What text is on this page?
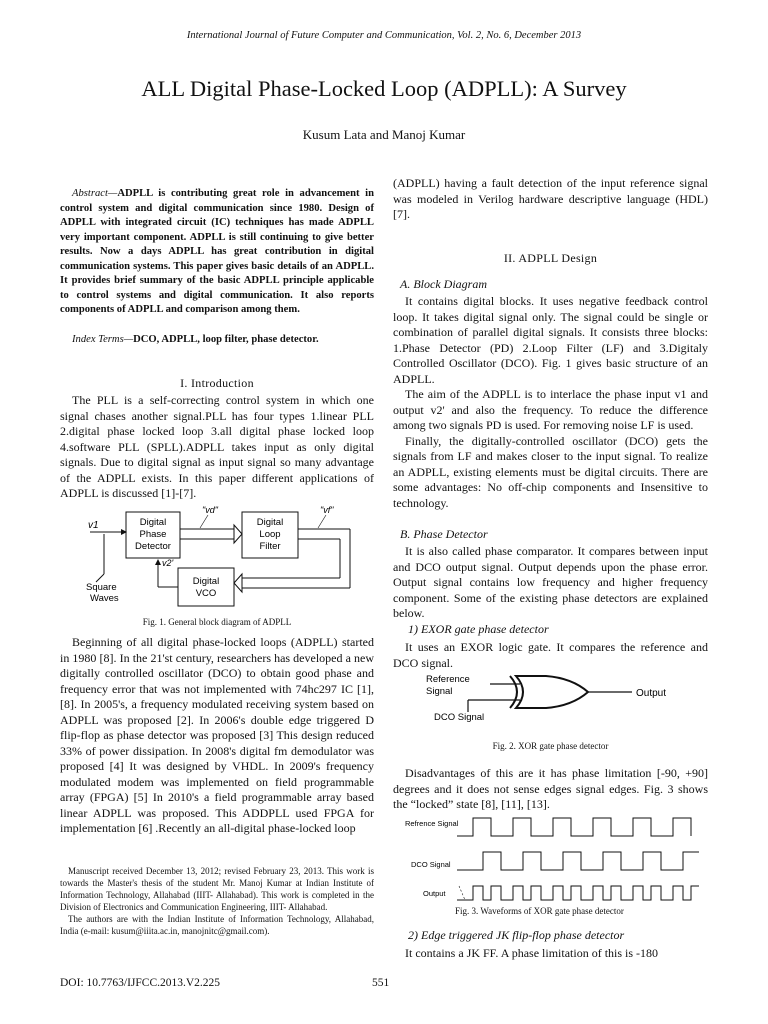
International Journal of Future Computer and Communication, Vol. 2, No. 6, December 2013
ALL Digital Phase-Locked Loop (ADPLL): A Survey
Kusum Lata and Manoj Kumar
Abstract—ADPLL is contributing great role in advancement in control system and digital communication since 1980. Design of ADPLL with integrated circuit (IC) techniques has made ADPLL very important component. ADPLL is still continuing to give better results. Now a days ADPLL has great contribution in digital communication systems. This paper gives basic details of an ADPLL. It provides brief summary of the basic ADPLL principle applicable to control systems and digital communication. It also reports components of ADPLL and comparison among them.
Index Terms—DCO, ADPLL, loop filter, phase detector.
I. Introduction

The PLL is a self-correcting control system in which one signal chases another signal.PLL has four types 1.linear PLL 2.digital phase locked loop 3.all digital phase locked loop 4.software PLL (SPLL).ADPLL takes input as only digital signals. Due to digital signal as input signal so many advantage of the ADPLL exists. In this paper different applications of ADPLL is discussed [1]-[7].

v1	Digital
Phase
Detector
"vd"
Digital
Loop
Filter
"vf"
Digital
VCO
v2'
Square
Waves
Fig. 1. General block diagram of ADPLL

Beginning of all digital phase-locked loops (ADPLL) started in 1980 [8]. In the 21'st century, researchers has developed a new digitally controlled oscillator (DCO) to obtain good phase and frequency error that was not implemented with 74hc297 IC [1], [8]. In 2005's, a frequency modulated receiving system based on ADPLL was proposed [2]. In 2006's double edge triggered D flip-flop as phase detector was proposed [3] This design reduced 33% of power dissipation. In 2008's digital fm demodulator was proposed [4] It was designed by VHDL. In 2009's frequency modulated modem was implemented on field programmable array (FPGA) [5] In 2010's a field programmable array based linear ADPLL was proposed. This ADDPLL used FPGA for implementation [6] .Recently an all-digital phase-locked loop

Manuscript received December 13, 2012; revised February 23, 2013. This work is towards the Master's thesis of the student Mr. Manoj Kumar at Indian Institute of Information Technology, Allahabad (IIIT- Allahabad). This work is completed in the Division of Electronics and Communication Engineering, IIIT- Allahabad.

The authors are with the Indian Institute of Information Technology, Allahabad, India (e-mail: kusum@iiita.ac.in, manojnitc@gmail.com).

(ADPLL) having a fault detection of the input reference signal was modeled in Verilog hardware descriptive language (HDL) [7].

II. ADPLL Design
A. Block Diagram

It contains digital blocks. It uses negative feedback control loop. It takes digital signal only. The signal could be single or combination of parallel digital signals. It consists three blocks: 1.Phase Detector (PD) 2.Loop Filter (LF) and 3.Digitaly Controlled Oscillator (DCO). Fig. 1 gives basic structure of an ADPLL.

The aim of the ADPLL is to interlace the phase input v1 and output v2' and also the frequency. To reduce the difference among two signals PD is used. For removing noise LF is used.

Finally, the digitally-controlled oscillator (DCO) gets the signals from LF and makes closer to the input signal. To realize an ADPLL, existing elements must be digital circuits. There are some advantages: No off-chip components and Insensitive to technology.

B. Phase Detector

It is also called phase comparator. It compares between input and DCO output signal. Output depends upon the phase error. Output signal contains low frequency and higher frequency component. Some of the existing phase detectors are explained below.

1) EXOR gate phase detector

It uses an EXOR logic gate. It compares the reference and DCO signal.

Reference
Signal	Output
DCO Signal
Fig. 2. XOR gate phase detector

Disadvantages of this are it has phase limitation [-90, +90] degrees and it does not sense edges signal edges. Fig. 3 shows the “locked” state [8], [11], [13].

Refrence Signal
DCO Signal
Output
Fig. 3. Waveforms of XOR gate phase detector
2) Edge triggered JK flip-flop phase detector

It contains a JK FF. A phase limitation of this is -180

DOI: 10.7763/IJFCC.2013.V2.225	551
